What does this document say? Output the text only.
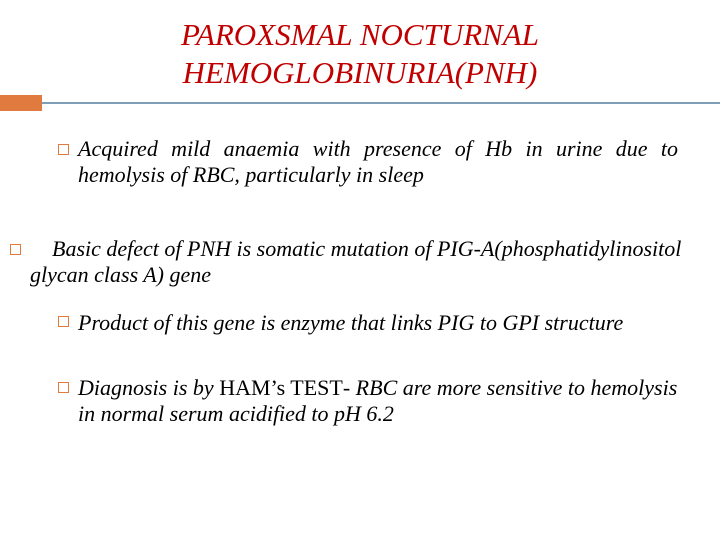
PAROXSMAL NOCTURNAL
HEMOGLOBINURIA(PNH)
Acquired mild anaemia with presence of Hb in urine due to hemolysis of RBC, particularly in sleep
Basic defect of PNH is somatic mutation of PIG-A(phosphatidylinositol glycan class A) gene
Product of this gene is enzyme that links PIG to GPI structure
Diagnosis is by HAM’s TEST- RBC are more sensitive to hemolysis in normal serum acidified to pH 6.2
